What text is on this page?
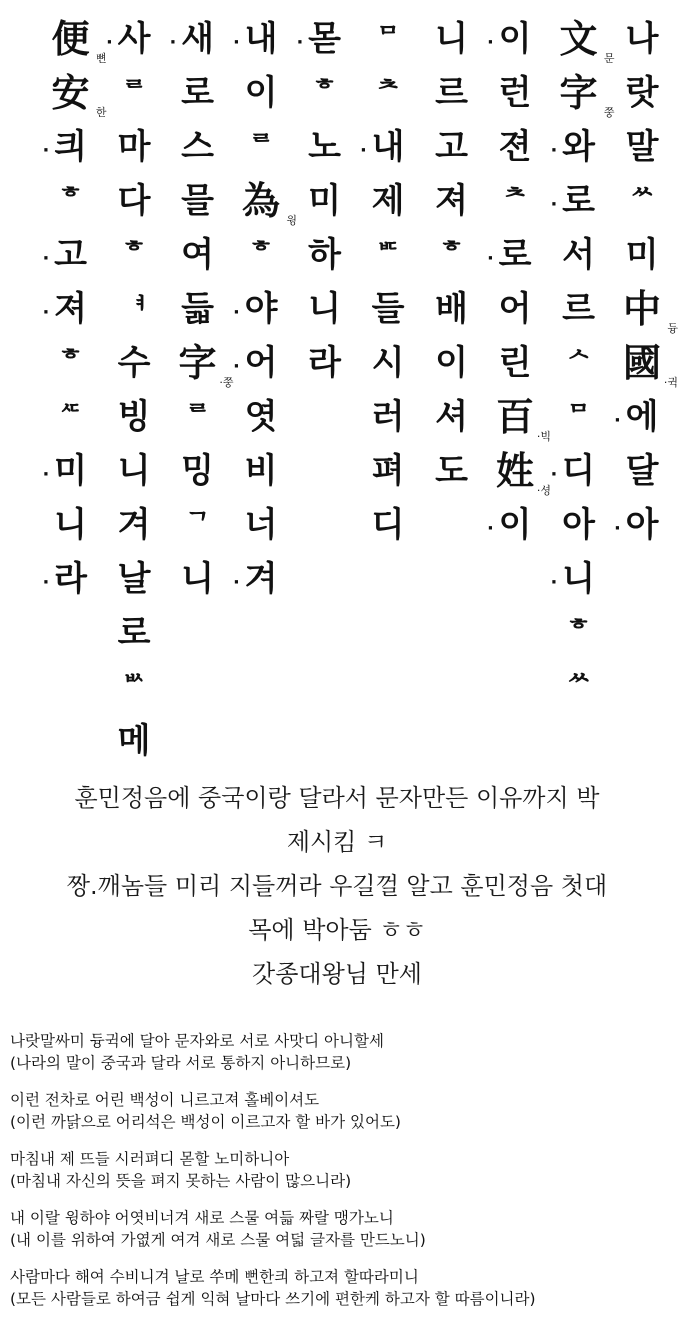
나
랏
말
ᄊ
미
中 듕
國 ·귁
· 에
달
· 아
文 문
字 쭝
· 와
· 로
서
르
ᄉ
ᄆ
· 디
아
· 니
ᄒ
ᄊ
· 이
런
젼
ᄎ
· 로
어
린
百 ·빅
姓 ·셩
· 이
니
르
고
져
ᄒ
배
이
셔
도
ᄆ
ᄎ
· 내
제
ᄠ
들
시
러
펴
디
· 몯
ᄒ
노
미
하
니
라
· 내
이
ᄅ
為 윙
ᄒ
· 야
· 어
엿
비
너
· 겨
· 새
로
스
믈
여
듧
字 ·쭝
ᄅ
밍
ᄀ
니
· 사
ᄅ
마
다
ᄒ
ᅧ
수
빙
니
겨
날
로
ᄡ
메
便 뼌
安 한
· 킈
ᄒ
· 고
· 져
ᄒ
ᄯ
· 미
니
· 라

훈민정음에 중국이랑 달라서 문자만든 이유까지 박

제시킴 ㅋ

짱.깨놈들 미리 지들꺼라 우길껄 알고 훈민정음 첫대

목에 박아둠 ㅎㅎ

갓종대왕님 만세

나랏말싸미 듕귁에 달아 문자와로 서로 사맛디 아니할세
(나라의 말이 중국과 달라 서로 통하지 아니하므로)
이런 전차로 어린 백성이 니르고져 홀베이셔도
(이런 까닭으로 어리석은 백성이 이르고자 할 바가 있어도)
마침내 제 뜨들 시러펴디 몯할 노미하니아
(마침내 자신의 뜻을 펴지 못하는 사람이 많으니라)
내 이랄 윙하야 어엿비너겨 새로 스물 여듧 짜랄 맹가노니
(내 이를 위하여 가엾게 여겨 새로 스물 여덟 글자를 만드노니)
사람마다 해여 수비니겨 날로 쑤메 뻔한킈 하고져 할따라미니
(모든 사람들로 하여금 쉽게 익혀 날마다 쓰기에 편한케 하고자 할 따름이니라)
